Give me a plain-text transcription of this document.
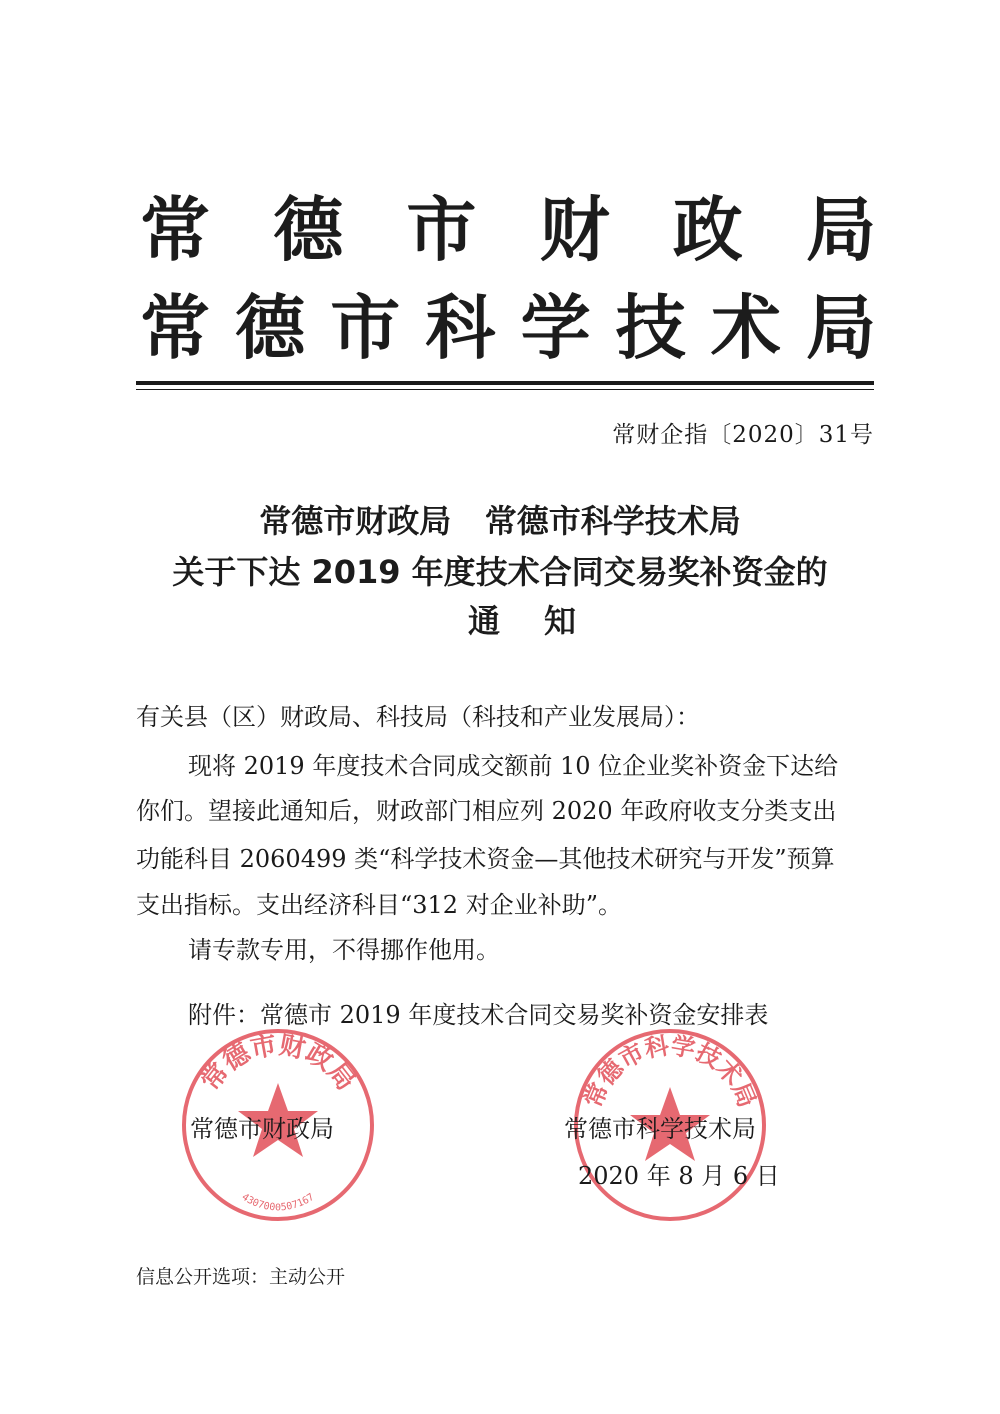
常 德 市 财 政 局
常德市科学技术局
常财企指〔2020〕31号
常德市财政局   常德市科学技术局
关于下达 2019 年度技术合同交易奖补资金的
通知
有关县（区）财政局、科技局（科技和产业发展局）：
现将 2019 年度技术合同成交额前 10 位企业奖补资金下达给
你们。望接此通知后，财政部门相应列 2020 年政府收支分类支出
功能科目 2060499 类“科学技术资金—其他技术研究与开发”预算
支出指标。支出经济科目“312 对企业补助”。
请专款专用，不得挪作他用。
附件：常德市 2019 年度技术合同交易奖补资金安排表
常德市财政局
4307000507167
常德市科学技术局
常德市财政局	常德市科学技术局
2020 年 8 月 6 日
信息公开选项：主动公开
